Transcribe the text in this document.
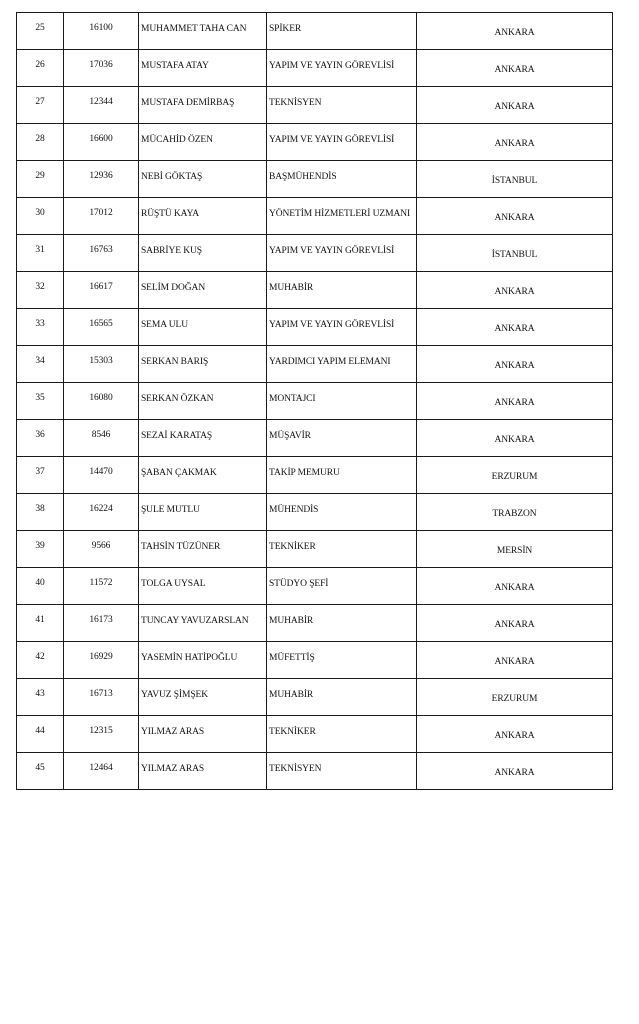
25	16100	MUHAMMET TAHA CAN	SPİKER	ANKARA
26	17036	MUSTAFA ATAY	YAPIM VE YAYIN GÖREVLİSİ	ANKARA
27	12344	MUSTAFA DEMİRBAŞ	TEKNİSYEN	ANKARA
28	16600	MÜCAHİD ÖZEN	YAPIM VE YAYIN GÖREVLİSİ	ANKARA
29	12936	NEBİ GÖKTAŞ	BAŞMÜHENDİS	İSTANBUL
30	17012	RÜŞTÜ KAYA	YÖNETİM HİZMETLERİ UZMANI	ANKARA
31	16763	SABRİYE KUŞ	YAPIM VE YAYIN GÖREVLİSİ	İSTANBUL
32	16617	SELİM DOĞAN	MUHABİR	ANKARA
33	16565	SEMA ULU	YAPIM VE YAYIN GÖREVLİSİ	ANKARA
34	15303	SERKAN BARIŞ	YARDIMCI YAPIM ELEMANI	ANKARA
35	16080	SERKAN ÖZKAN	MONTAJCI	ANKARA
36	8546	SEZAİ KARATAŞ	MÜŞAVİR	ANKARA
37	14470	ŞABAN ÇAKMAK	TAKİP MEMURU	ERZURUM
38	16224	ŞULE MUTLU	MÜHENDİS	TRABZON
39	9566	TAHSİN TÜZÜNER	TEKNİKER	MERSİN
40	11572	TOLGA UYSAL	STÜDYO ŞEFİ	ANKARA
41	16173	TUNCAY YAVUZARSLAN	MUHABİR	ANKARA
42	16929	YASEMİN HATİPOĞLU	MÜFETTİŞ	ANKARA
43	16713	YAVUZ ŞİMŞEK	MUHABİR	ERZURUM
44	12315	YILMAZ ARAS	TEKNİKER	ANKARA
45	12464	YILMAZ ARAS	TEKNİSYEN	ANKARA
